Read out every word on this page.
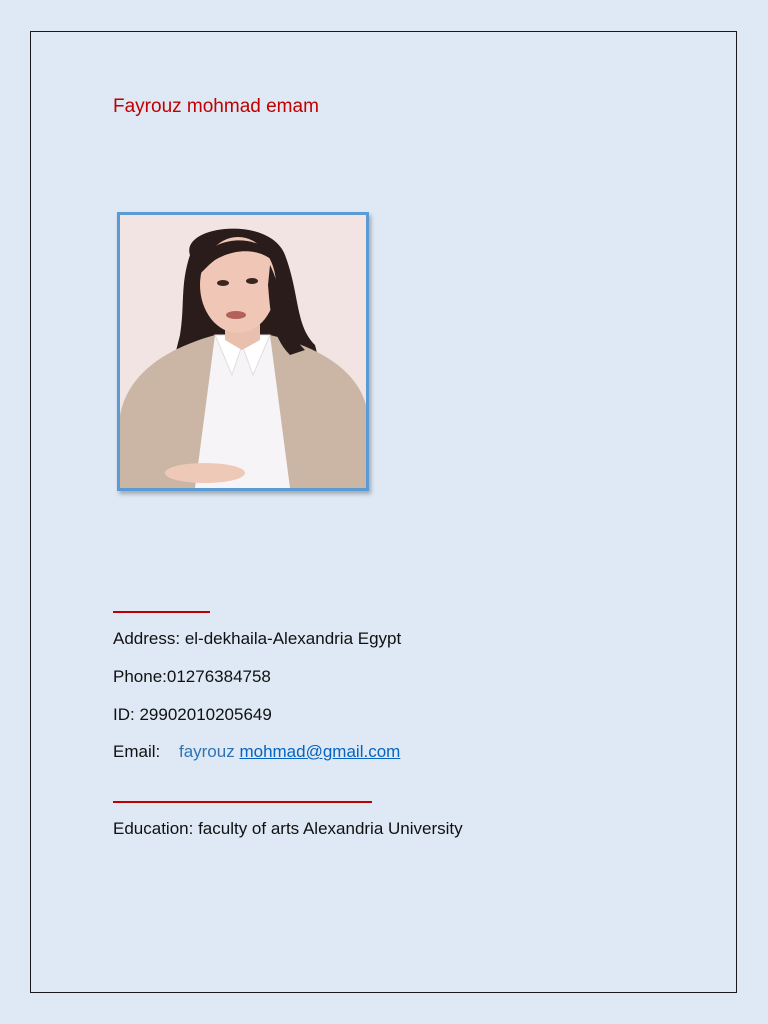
Fayrouz mohmad emam
Address: el-dekhaila-Alexandria Egypt
Phone:01276384758
ID: 29902010205649
Email: fayrouz mohmad@gmail.com
Education: faculty of arts Alexandria University
